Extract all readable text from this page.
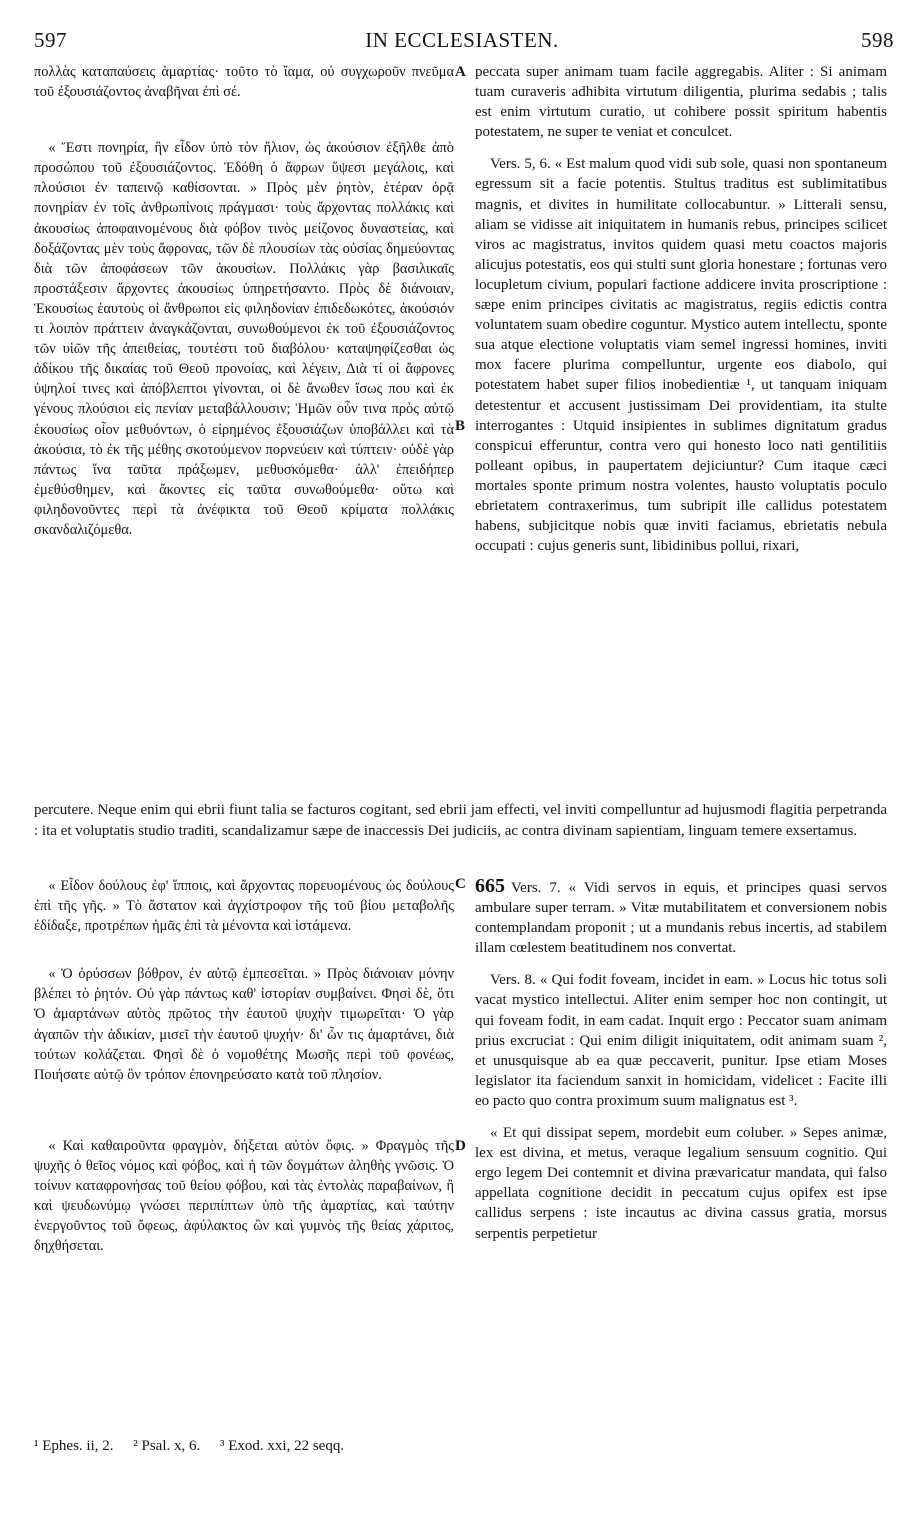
597	IN ECCLESIASTEN.	598

πολλὰς καταπαύσεις ἁμαρτίας· τοῦτο τὸ ἴαμα, οὐ συγχωροῦν πνεῦμα τοῦ ἐξουσιάζοντος ἀναβῆναι ἐπὶ σέ.

« Ἔστι πονηρία, ἣν εἶδον ὑπὸ τὸν ἥλιον, ὡς ἀκούσιον ἐξῆλθε ἀπὸ προσώπου τοῦ ἐξουσιάζοντος. Ἐδόθη ὁ ἄφρων ὕψεσι μεγάλοις, καὶ πλούσιοι ἐν ταπεινῷ καθίσονται. » Πρὸς μὲν ῥητὸν, ἑτέραν ὁρᾷ πονηρίαν ἐν τοῖς ἀνθρωπίνοις πράγμασι· τοὺς ἄρχοντας πολλάκις καὶ ἀκουσίως ἀποφαινομένους διὰ φόβον τινὸς μείζονος δυναστείας, καὶ δοξάζοντας μὲν τοὺς ἄφρονας, τῶν δὲ πλουσίων τὰς οὐσίας δημεύοντας διὰ τῶν ἀποφάσεων τῶν ἀκουσίων. Πολλάκις γὰρ βασιλικαῖς προστάξεσιν ἄρχοντες ἀκουσίως ὑπηρετήσαντο. Πρὸς δὲ διάνοιαν, Ἑκουσίως ἑαυτοὺς οἱ ἄνθρωποι εἰς φιληδονίαν ἐπιδεδωκότες, ἀκούσιόν τι λοιπὸν πράττειν ἀναγκάζονται, συνωθούμενοι ἐκ τοῦ ἐξουσιάζοντος τῶν υἱῶν τῆς ἀπειθείας, τουτέστι τοῦ διαβόλου· καταψηφίζεσθαι ὡς ἀδίκου τῆς δικαίας τοῦ Θεοῦ προνοίας, καὶ λέγειν, Διὰ τί οἱ ἄφρονες ὑψηλοί τινες καὶ ἀπόβλεπτοι γίνονται, οἱ δὲ ἄνωθεν ἴσως που καὶ ἐκ γένους πλούσιοι εἰς πενίαν μεταβάλλουσιν; Ἡμῶν οὖν τινα πρὸς αὐτῷ ἑκουσίως οἷον μεθυόντων, ὁ εἰρημένος ἐξουσιάζων ὑποβάλλει καὶ τὰ ἀκούσια, τὸ ἐκ τῆς μέθης σκοτούμενον πορνεύειν καὶ τύπτειν· οὐδὲ γὰρ πάντως ἵνα ταῦτα πράξωμεν, μεθυσκόμεθα· ἀλλ' ἐπειδήπερ ἐμεθύσθημεν, καὶ ἄκοντες εἰς ταῦτα συνωθούμεθα· οὕτω καὶ φιληδονοῦντες περὶ τὰ ἀνέφικτα τοῦ Θεοῦ κρίματα πολλάκις σκανδαλιζόμεθα.

« Εἶδον δούλους ἐφ' ἵπποις, καὶ ἄρχοντας πορευομένους ὡς δούλους ἐπὶ τῆς γῆς. » Τὸ ἄστατον καὶ ἀγχίστροφον τῆς τοῦ βίου μεταβολῆς ἐδίδαξε, προτρέπων ἡμᾶς ἐπὶ τὰ μένοντα καὶ ἱστάμενα.

« Ὁ ὀρύσσων βόθρον, ἐν αὐτῷ ἐμπεσεῖται. » Πρὸς διάνοιαν μόνην βλέπει τὸ ῥητόν. Οὐ γὰρ πάντως καθ' ἱστορίαν συμβαίνει. Φησὶ δὲ, ὅτι Ὁ ἁμαρτάνων αὐτὸς πρῶτος τὴν ἑαυτοῦ ψυχὴν τιμωρεῖται· Ὁ γὰρ ἀγαπῶν τὴν ἀδικίαν, μισεῖ τὴν ἑαυτοῦ ψυχήν· δι' ὧν τις ἁμαρτάνει, διὰ τούτων κολάζεται. Φησὶ δὲ ὁ νομοθέτης Μωσῆς περὶ τοῦ φονέως, Ποιήσατε αὐτῷ ὃν τρόπον ἐπονηρεύσατο κατὰ τοῦ πλησίον.

« Καὶ καθαιροῦντα φραγμὸν, δήξεται αὐτὸν ὄφις. » Φραγμὸς τῆς ψυχῆς ὁ θεῖος νόμος καὶ φόβος, καὶ ἡ τῶν δογμάτων ἀληθὴς γνῶσις. Ὁ τοίνυν καταφρονήσας τοῦ θείου φόβου, καὶ τὰς ἐντολὰς παραβαίνων, ἢ καὶ ψευδωνύμῳ γνώσει περιπίπτων ὑπὸ τῆς ἁμαρτίας, καὶ ταύτην ἐνεργοῦντος τοῦ ὄφεως, ἀφύλακτος ὢν καὶ γυμνὸς τῆς θείας χάριτος, δηχθήσεται.

peccata super animam tuam facile aggregabis. Aliter : Si animam tuam curaveris adhibita virtutum diligentia, plurima sedabis ; talis est enim virtutum curatio, ut cohibere possit spiritum habentis potestatem, ne super te veniat et conculcet.

Vers. 5, 6. « Est malum quod vidi sub sole, quasi non spontaneum egressum sit a facie potentis. Stultus traditus est sublimitatibus magnis, et divites in humilitate collocabuntur. » Litterali sensu, aliam se vidisse ait iniquitatem in humanis rebus, principes scilicet viros ac magistratus, invitos quidem quasi metu coactos majoris alicujus potestatis, eos qui stulti sunt gloria honestare ; fortunas vero locupletum civium, populari factione addicere invita proscriptione : sæpe enim principes civitatis ac magistratus, regiis edictis contra voluntatem suam obedire coguntur. Mystico autem intellectu, sponte sua atque electione voluptatis viam semel ingressi homines, inviti mox facere plurima compelluntur, urgente eos diabolo, qui potestatem habet super filios inobedientiæ ¹, ut tanquam iniquam detestentur et accusent justissimam Dei providentiam, ita stulte interrogantes : Utquid insipientes in sublimes dignitatum gradus conspicui efferuntur, contra vero qui honesto loco nati gentilitiis polleant opibus, in paupertatem dejiciuntur? Cum itaque cæci mortales sponte primum nostra volentes, hausto voluptatis poculo ebrietatem contraxerimus, tum subripit ille callidus potestatem habens, subjicitque nobis quæ inviti faciamus, ebrietatis nebula occupati : cujus generis sunt, libidinibus pollui, rixari,

percutere. Neque enim qui ebrii fiunt talia se facturos cogitant, sed ebrii jam effecti, vel inviti compelluntur ad hujusmodi flagitia perpetranda : ita et voluptatis studio traditi, scandalizamur sæpe de inaccessis Dei judiciis, ac contra divinam sapientiam, linguam temere exsertamus.

665 Vers. 7. « Vidi servos in equis, et principes quasi servos ambulare super terram. » Vitæ mutabilitatem et conversionem nobis contemplandam proponit ; ut a mundanis rebus incertis, ad stabilem illam cœlestem beatitudinem nos convertat.

Vers. 8. « Qui fodit foveam, incidet in eam. » Locus hic totus soli vacat mystico intellectui. Aliter enim semper hoc non contingit, ut qui foveam fodit, in eam cadat. Inquit ergo : Peccator suam animam prius excruciat : Qui enim diligit iniquitatem, odit animam suam ², et unusquisque ab ea quæ peccaverit, punitur. Ipse etiam Moses legislator ita faciendum sanxit in homicidam, videlicet : Facite illi eo pacto quo contra proximum suum malignatus est ³.

« Et qui dissipat sepem, mordebit eum coluber. » Sepes animæ, lex est divina, et metus, veraque legalium sensuum cognitio. Qui ergo legem Dei contemnit et divina prævaricatur mandata, qui falso appellata cognitione decidit in peccatum cujus opifex est ipse callidus serpens : iste incautus ac divina cassus gratia, morsus serpentis perpetietur

A
B
C
D
¹ Ephes. ii, 2. ² Psal. x, 6. ³ Exod. xxi, 22 seqq.
